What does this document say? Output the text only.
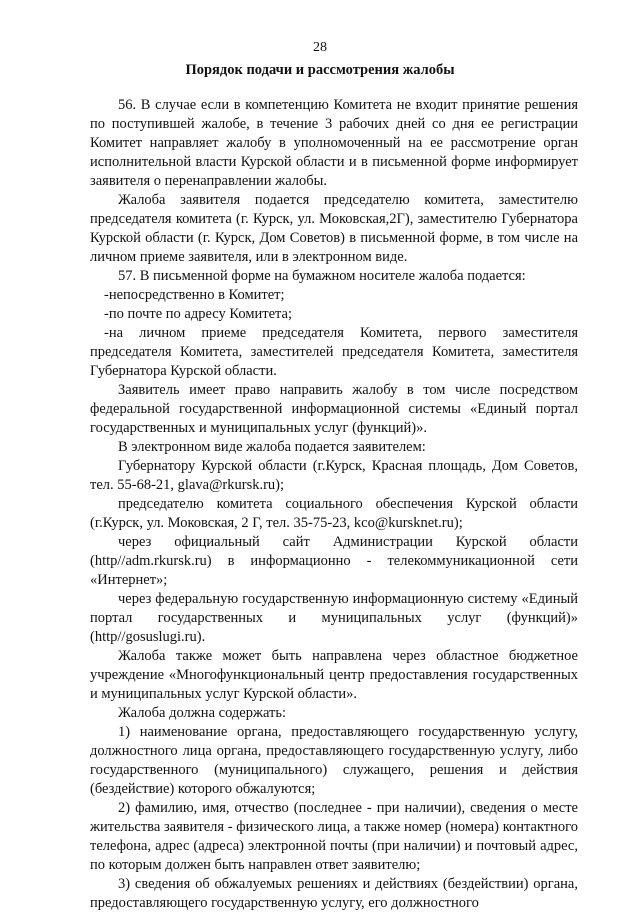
28
Порядок подачи и рассмотрения жалобы

56. В случае если в компетенцию Комитета не входит принятие решения по поступившей жалобе, в течение 3 рабочих дней со дня ее регистрации Комитет направляет жалобу в уполномоченный на ее рассмотрение орган исполнительной власти Курской области и в письменной форме информирует заявителя о перенаправлении жалобы.

Жалоба заявителя подается председателю комитета, заместителю председателя комитета (г. Курск, ул. Моковская,2Г), заместителю Губернатора Курской области (г. Курск, Дом Советов) в письменной форме, в том числе на личном приеме заявителя, или в электронном виде.

57. В письменной форме на бумажном носителе жалоба подается:

-непосредственно в Комитет;

-по почте по адресу Комитета;

-на личном приеме председателя Комитета, первого заместителя председателя Комитета, заместителей председателя Комитета, заместителя Губернатора Курской области.

Заявитель имеет право направить жалобу в том числе посредством федеральной государственной информационной системы «Единый портал государственных и муниципальных услуг (функций)».

В электронном виде жалоба подается заявителем:

Губернатору Курской области (г.Курск, Красная площадь, Дом Советов, тел. 55-68-21, glava@rkursk.ru);

председателю комитета социального обеспечения Курской области (г.Курск, ул. Моковская, 2 Г, тел. 35-75-23, kco@kursknet.ru);

через официальный сайт Администрации Курской области (http//adm.rkursk.ru) в информационно - телекоммуникационной сети «Интернет»;

через федеральную государственную информационную систему «Единый портал государственных и муниципальных услуг (функций)» (http//gosuslugi.ru).

Жалоба также может быть направлена через областное бюджетное учреждение «Многофункциональный центр предоставления государственных и муниципальных услуг Курской области».

Жалоба должна содержать:

1) наименование органа, предоставляющего государственную услугу, должностного лица органа, предоставляющего государственную услугу, либо государственного (муниципального) служащего, решения и действия (бездействие) которого обжалуются;

2) фамилию, имя, отчество (последнее - при наличии), сведения о месте жительства заявителя - физического лица, а также номер (номера) контактного телефона, адрес (адреса) электронной почты (при наличии) и почтовый адрес, по которым должен быть направлен ответ заявителю;

3) сведения об обжалуемых решениях и действиях (бездействии) органа, предоставляющего государственную услугу, его должностного
